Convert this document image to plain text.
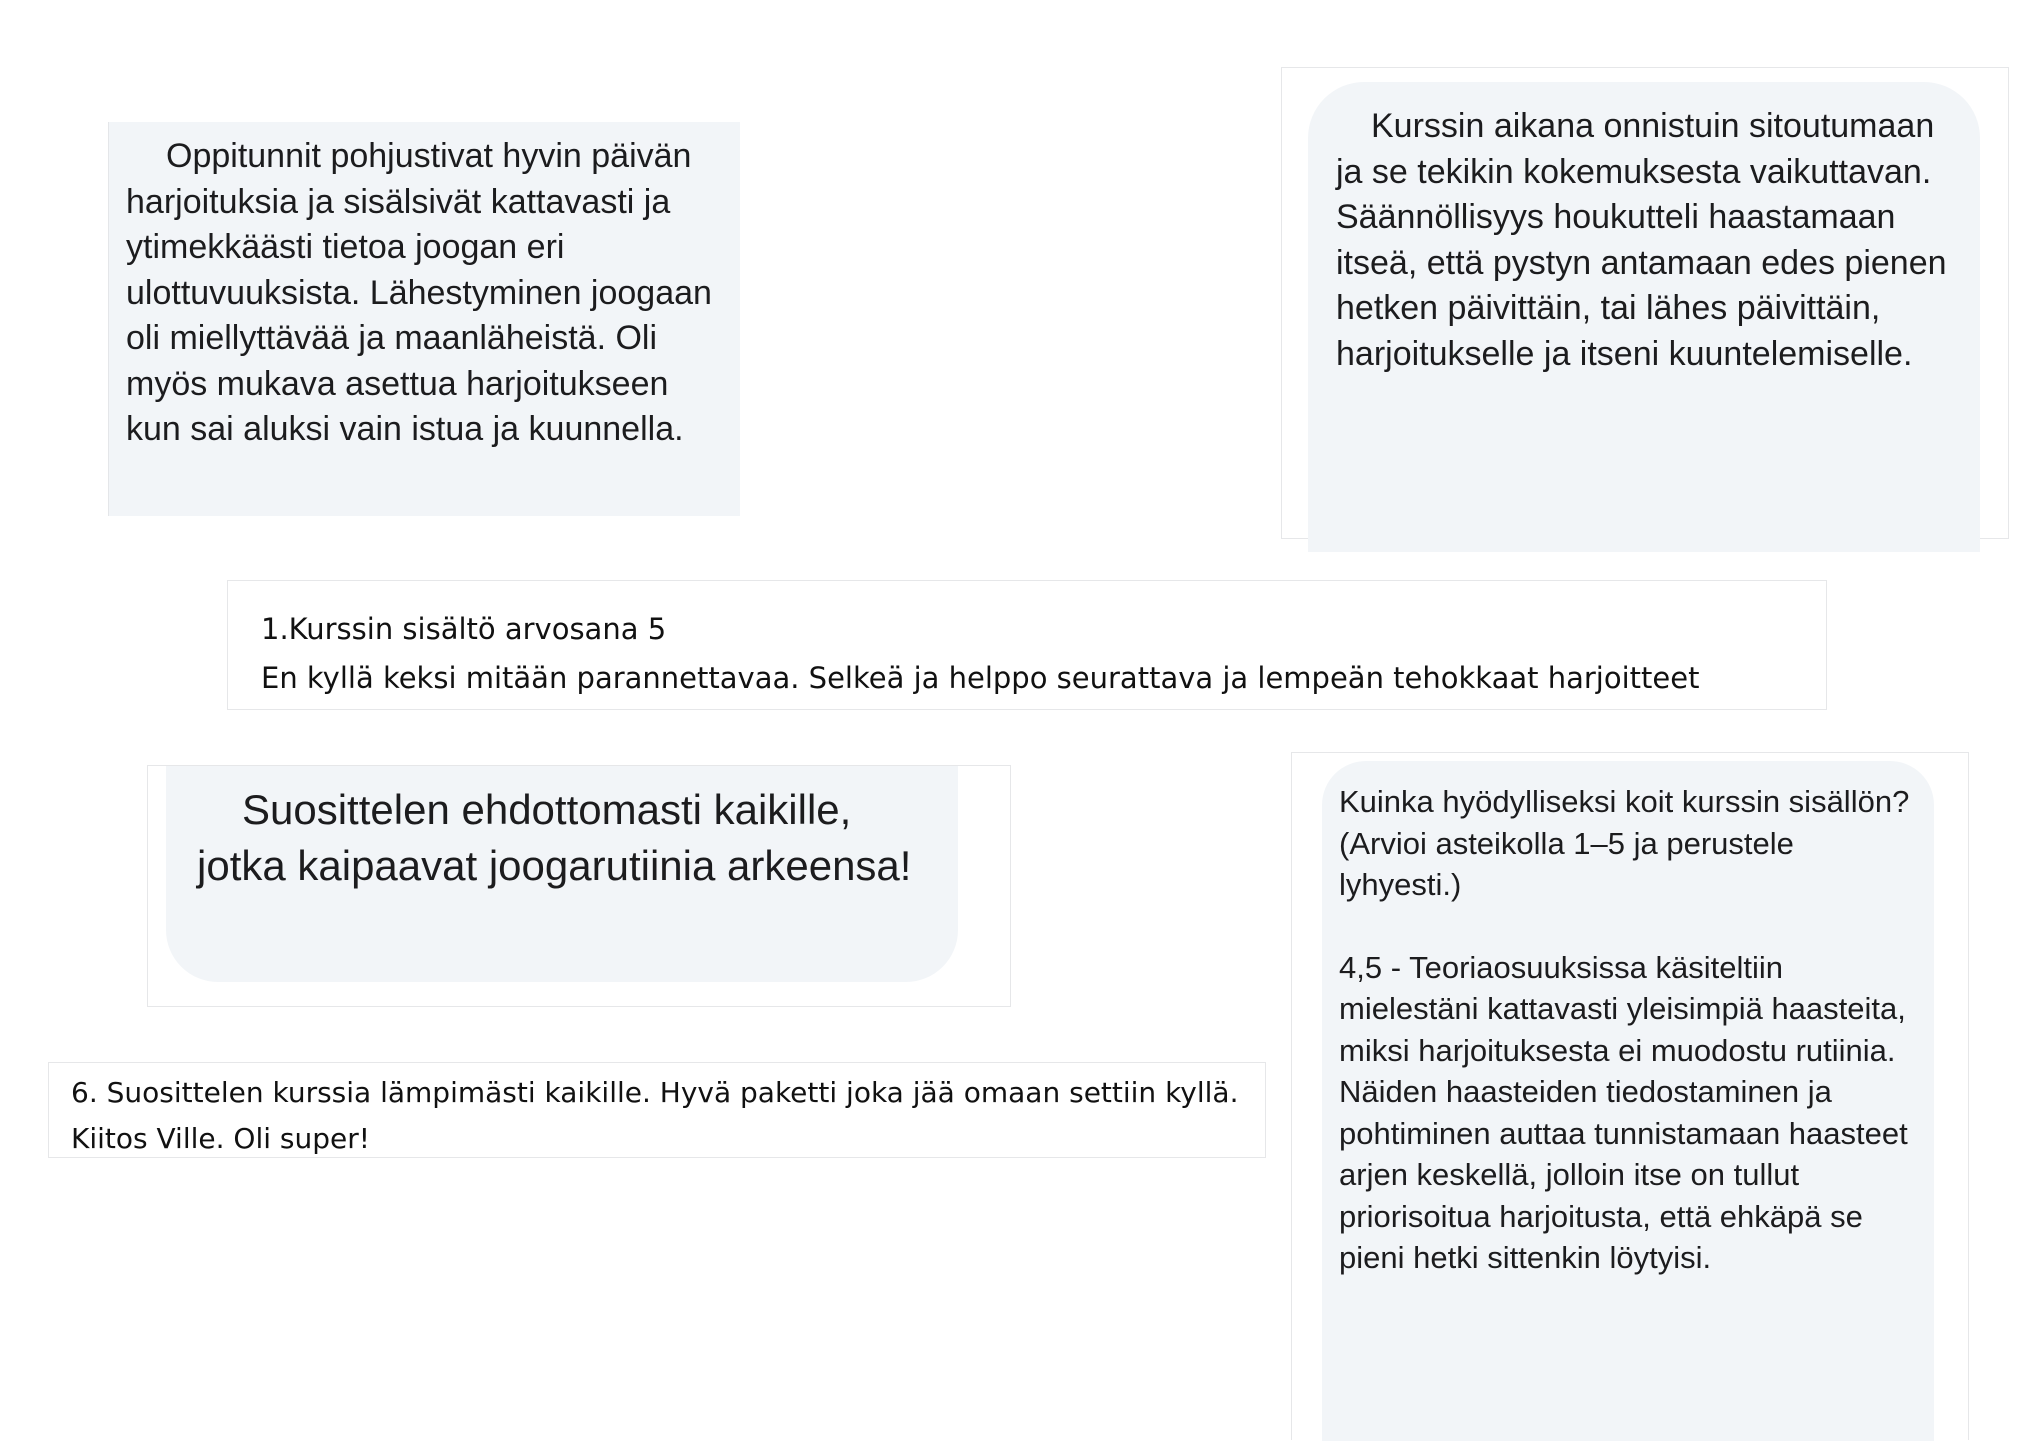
Oppitunnit pohjustivat hyvin päivän harjoituksia ja sisälsivät kattavasti ja ytimekkäästi tietoa joogan eri ulottuvuuksista. Lähestyminen joogaan oli miellyttävää ja maanläheistä. Oli myös mukava asettua harjoitukseen kun sai aluksi vain istua ja kuunnella.

Kurssin aikana onnistuin sitoutumaan ja se tekikin kokemuksesta vaikuttavan. Säännöllisyys houkutteli haastamaan itseä, että pystyn antamaan edes pienen hetken päivittäin, tai lähes päivittäin, harjoitukselle ja itseni kuuntelemiselle.

1.Kurssin sisältö arvosana 5
En kyllä keksi mitään parannettavaa. Selkeä ja helppo seurattava ja lempeän tehokkaat harjoitteet

Suosittelen ehdottomasti kaikille, jotka kaipaavat joogarutiinia arkeensa!

6. Suosittelen kurssia lämpimästi kaikille. Hyvä paketti joka jää omaan settiin kyllä.
Kiitos Ville. Oli super!

Kuinka hyödylliseksi koit kurssin sisällön? (Arvioi asteikolla 1–5 ja perustele lyhyesti.)

4,5 - Teoriaosuuksissa käsiteltiin mielestäni kattavasti yleisimpiä haasteita, miksi harjoituksesta ei muodostu rutiinia. Näiden haasteiden tiedostaminen ja pohtiminen auttaa tunnistamaan haasteet arjen keskellä, jolloin itse on tullut priorisoitua harjoitusta, että ehkäpä se pieni hetki sittenkin löytyisi.
